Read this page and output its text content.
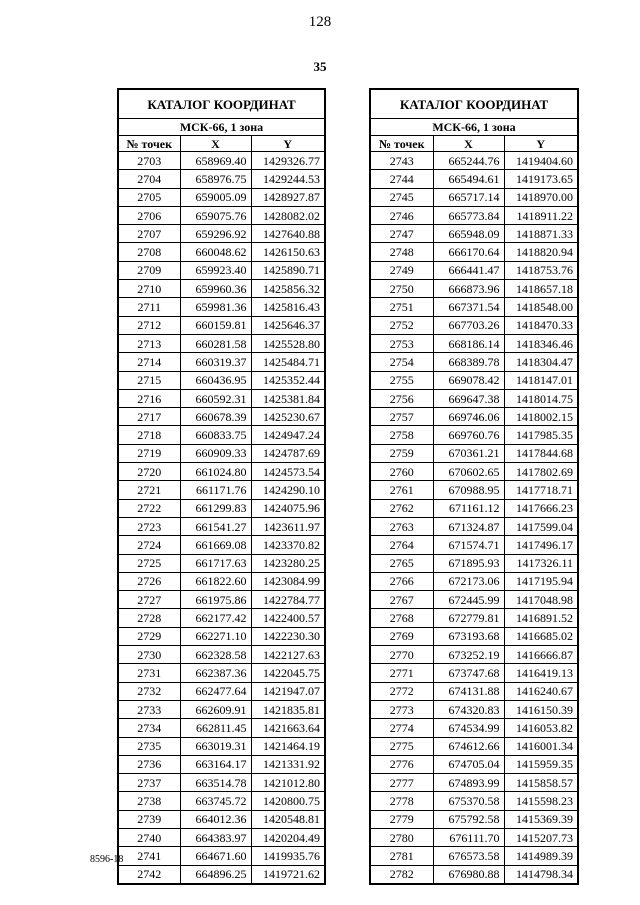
128
35
КАТАЛОГ КООРДИНАТ		
МСК-66, 1 зона		
№ точек	X	Y
2703	658969.40	1429326.77
2704	658976.75	1429244.53
2705	659005.09	1428927.87
2706	659075.76	1428082.02
2707	659296.92	1427640.88
2708	660048.62	1426150.63
2709	659923.40	1425890.71
2710	659960.36	1425856.32
2711	659981.36	1425816.43
2712	660159.81	1425646.37
2713	660281.58	1425528.80
2714	660319.37	1425484.71
2715	660436.95	1425352.44
2716	660592.31	1425381.84
2717	660678.39	1425230.67
2718	660833.75	1424947.24
2719	660909.33	1424787.69
2720	661024.80	1424573.54
2721	661171.76	1424290.10
2722	661299.83	1424075.96
2723	661541.27	1423611.97
2724	661669.08	1423370.82
2725	661717.63	1423280.25
2726	661822.60	1423084.99
2727	661975.86	1422784.77
2728	662177.42	1422400.57
2729	662271.10	1422230.30
2730	662328.58	1422127.63
2731	662387.36	1422045.75
2732	662477.64	1421947.07
2733	662609.91	1421835.81
2734	662811.45	1421663.64
2735	663019.31	1421464.19
2736	663164.17	1421331.92
2737	663514.78	1421012.80
2738	663745.72	1420800.75
2739	664012.36	1420548.81
2740	664383.97	1420204.49
2741	664671.60	1419935.76
2742	664896.25	1419721.62
КАТАЛОГ КООРДИНАТ		
МСК-66, 1 зона		
№ точек	X	Y
2743	665244.76	1419404.60
2744	665494.61	1419173.65
2745	665717.14	1418970.00
2746	665773.84	1418911.22
2747	665948.09	1418871.33
2748	666170.64	1418820.94
2749	666441.47	1418753.76
2750	666873.96	1418657.18
2751	667371.54	1418548.00
2752	667703.26	1418470.33
2753	668186.14	1418346.46
2754	668389.78	1418304.47
2755	669078.42	1418147.01
2756	669647.38	1418014.75
2757	669746.06	1418002.15
2758	669760.76	1417985.35
2759	670361.21	1417844.68
2760	670602.65	1417802.69
2761	670988.95	1417718.71
2762	671161.12	1417666.23
2763	671324.87	1417599.04
2764	671574.71	1417496.17
2765	671895.93	1417326.11
2766	672173.06	1417195.94
2767	672445.99	1417048.98
2768	672779.81	1416891.52
2769	673193.68	1416685.02
2770	673252.19	1416666.87
2771	673747.68	1416419.13
2772	674131.88	1416240.67
2773	674320.83	1416150.39
2774	674534.99	1416053.82
2775	674612.66	1416001.34
2776	674705.04	1415959.35
2777	674893.99	1415858.57
2778	675370.58	1415598.23
2779	675792.58	1415369.39
2780	676111.70	1415207.73
2781	676573.58	1414989.39
2782	676980.88	1414798.34
8596-18
